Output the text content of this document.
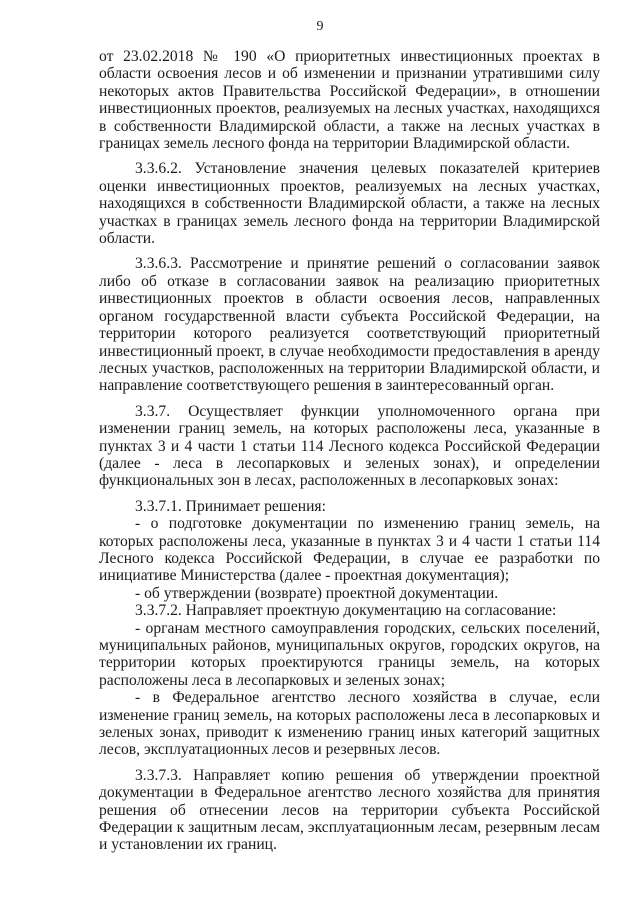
9

от 23.02.2018 № 190 «О приоритетных инвестиционных проектах в области освоения лесов и об изменении и признании утратившими силу некоторых актов Правительства Российской Федерации», в отношении инвестиционных проектов, реализуемых на лесных участках, находящихся в собственности Владимирской области, а также на лесных участках в границах земель лесного фонда на территории Владимирской области.

3.3.6.2. Установление значения целевых показателей критериев оценки инвестиционных проектов, реализуемых на лесных участках, находящихся в собственности Владимирской области, а также на лесных участках в границах земель лесного фонда на территории Владимирской области.

3.3.6.3. Рассмотрение и принятие решений о согласовании заявок либо об отказе в согласовании заявок на реализацию приоритетных инвестиционных проектов в области освоения лесов, направленных органом государственной власти субъекта Российской Федерации, на территории которого реализуется соответствующий приоритетный инвестиционный проект, в случае необходимости предоставления в аренду лесных участков, расположенных на территории Владимирской области, и направление соответствующего решения в заинтересованный орган.

3.3.7. Осуществляет функции уполномоченного органа при изменении границ земель, на которых расположены леса, указанные в пунктах 3 и 4 части 1 статьи 114 Лесного кодекса Российской Федерации (далее - леса в лесопарковых и зеленых зонах), и определении функциональных зон в лесах, расположенных в лесопарковых зонах:

3.3.7.1. Принимает решения:

- о подготовке документации по изменению границ земель, на которых расположены леса, указанные в пунктах 3 и 4 части 1 статьи 114 Лесного кодекса Российской Федерации, в случае ее разработки по инициативе Министерства (далее - проектная документация);

- об утверждении (возврате) проектной документации.

3.3.7.2. Направляет проектную документацию на согласование:

- органам местного самоуправления городских, сельских поселений, муниципальных районов, муниципальных округов, городских округов, на территории которых проектируются границы земель, на которых расположены леса в лесопарковых и зеленых зонах;

- в Федеральное агентство лесного хозяйства в случае, если изменение границ земель, на которых расположены леса в лесопарковых и зеленых зонах, приводит к изменению границ иных категорий защитных лесов, эксплуатационных лесов и резервных лесов.

3.3.7.3. Направляет копию решения об утверждении проектной документации в Федеральное агентство лесного хозяйства для принятия решения об отнесении лесов на территории субъекта Российской Федерации к защитным лесам, эксплуатационным лесам, резервным лесам и установлении их границ.
